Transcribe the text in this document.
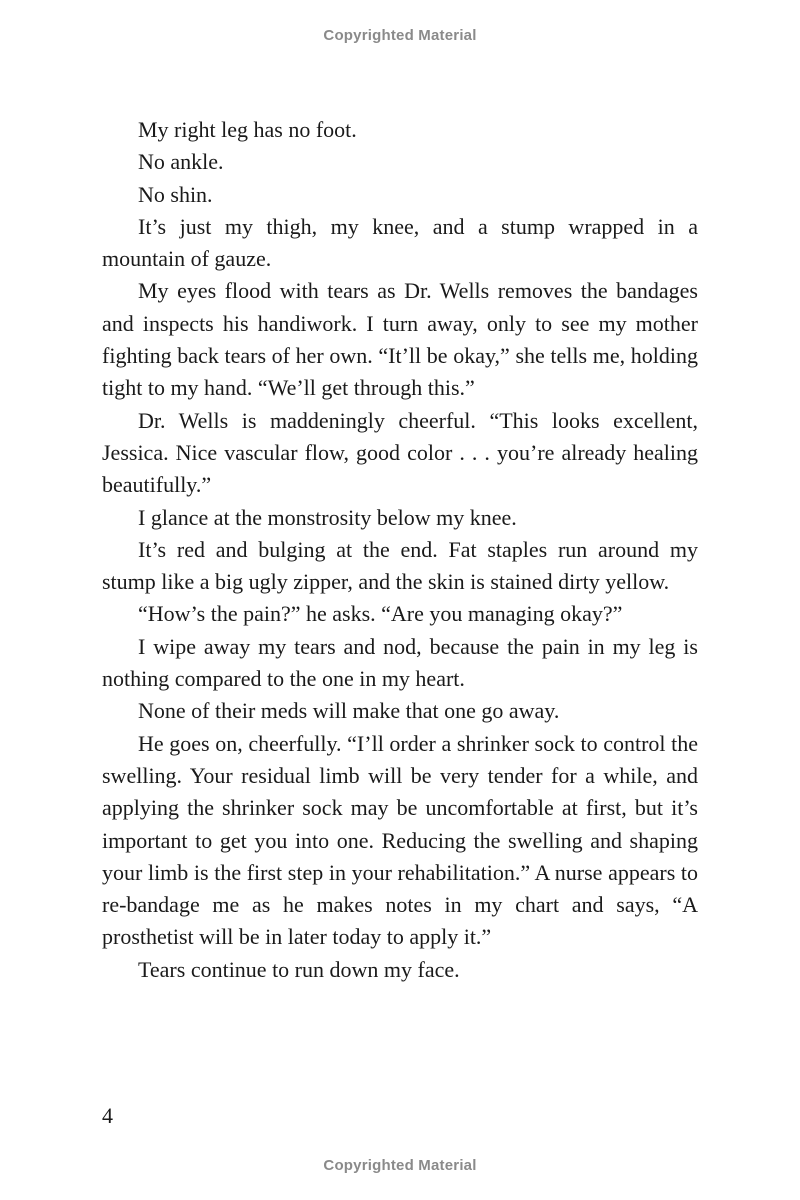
Copyrighted Material

My right leg has no foot.

No ankle.

No shin.

It’s just my thigh, my knee, and a stump wrapped in a mountain of gauze.

My eyes flood with tears as Dr. Wells removes the bandages and inspects his handiwork. I turn away, only to see my mother fighting back tears of her own. “It’ll be okay,” she tells me, holding tight to my hand. “We’ll get through this.”

Dr. Wells is maddeningly cheerful. “This looks excellent, Jessica. Nice vascular flow, good color . . . you’re already healing beautifully.”

I glance at the monstrosity below my knee.

It’s red and bulging at the end. Fat staples run around my stump like a big ugly zipper, and the skin is stained dirty yellow.

“How’s the pain?” he asks. “Are you managing okay?”

I wipe away my tears and nod, because the pain in my leg is nothing compared to the one in my heart.

None of their meds will make that one go away.

He goes on, cheerfully. “I’ll order a shrinker sock to control the swelling. Your residual limb will be very tender for a while, and applying the shrinker sock may be uncomfortable at first, but it’s important to get you into one. Reducing the swelling and shaping your limb is the first step in your rehabilitation.” A nurse appears to re-bandage me as he makes notes in my chart and says, “A prosthetist will be in later today to apply it.”

Tears continue to run down my face.

4
Copyrighted Material
